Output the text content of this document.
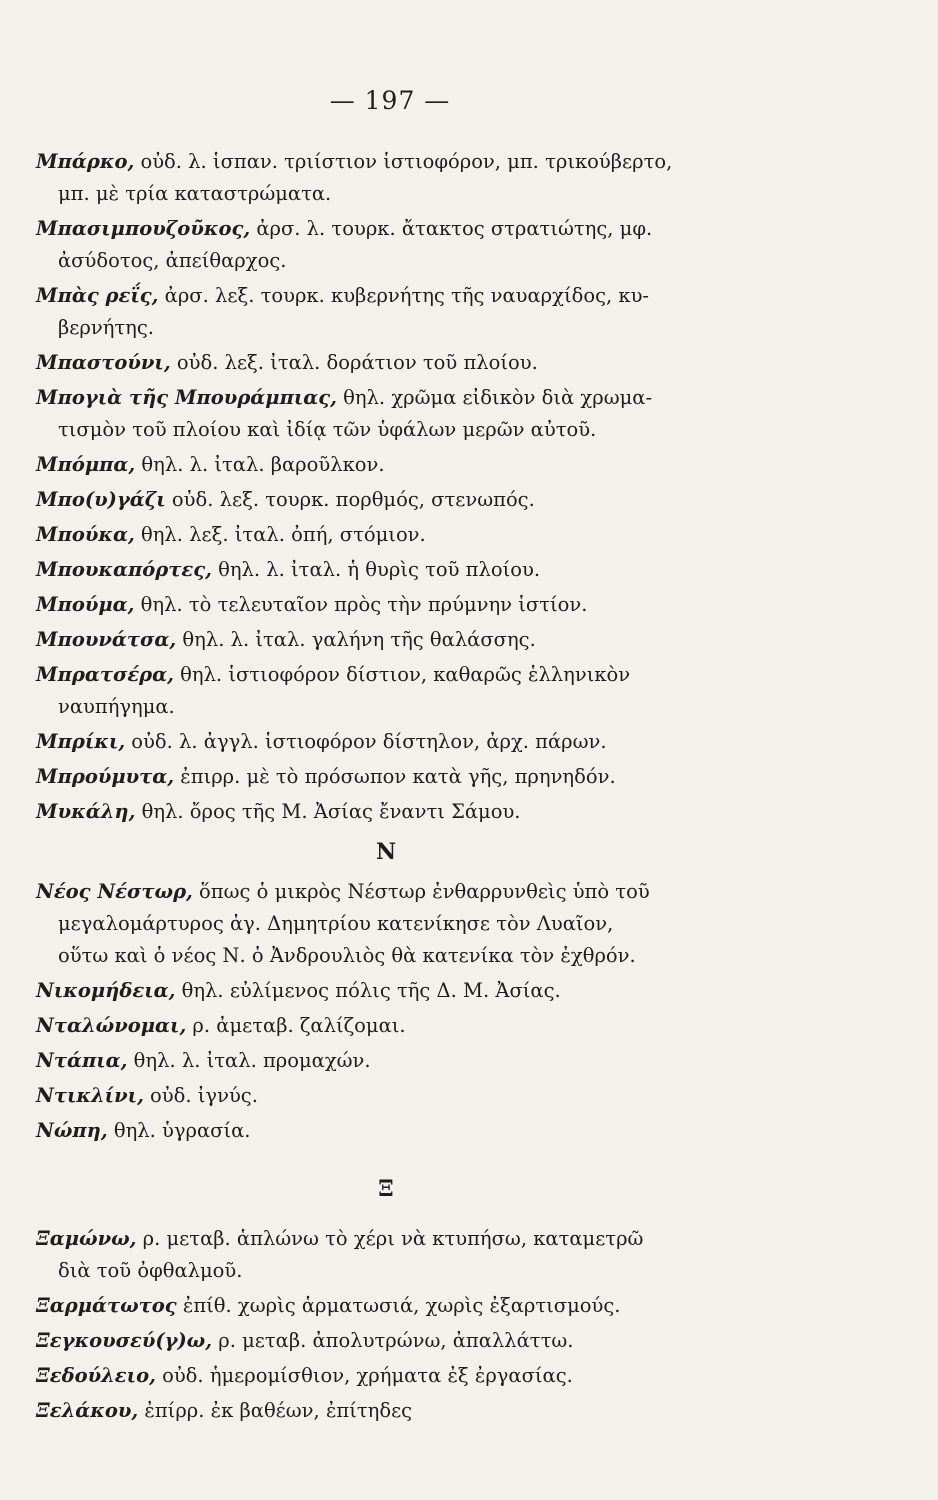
— 197 —
Μπάρκο, οὐδ. λ. ἱσπαν. τριίστιον ἱστιοφόρον, μπ. τρικούβερτο,
μπ. μὲ τρία καταστρώματα.
Μπασιμπουζοῦκος, ἀρσ. λ. τουρκ. ἄτακτος στρατιώτης, μφ.
ἀσύδοτος, ἀπείθαρχος.
Μπὰς ρεΐς, ἀρσ. λεξ. τουρκ. κυβερνήτης τῆς ναυαρχίδος, κυ-
βερνήτης.
Μπαστούνι, οὐδ. λεξ. ἰταλ. δοράτιον τοῦ πλοίου.
Μπογιὰ τῆς Μπουράμπιας, θηλ. χρῶμα εἰδικὸν διὰ χρωμα-
τισμὸν τοῦ πλοίου καὶ ἰδίᾳ τῶν ὑφάλων μερῶν αὐτοῦ.
Μπόμπα, θηλ. λ. ἰταλ. βαροῦλκον.
Μπο(υ)γάζι οὐδ. λεξ. τουρκ. πορθμός, στενωπός.
Μπούκα, θηλ. λεξ. ἰταλ. ὀπή, στόμιον.
Μπουκαπόρτες, θηλ. λ. ἰταλ. ἡ θυρὶς τοῦ πλοίου.
Μπούμα, θηλ. τὸ τελευταῖον πρὸς τὴν πρύμνην ἱστίον.
Μπουνάτσα, θηλ. λ. ἰταλ. γαλήνη τῆς θαλάσσης.
Μπρατσέρα, θηλ. ἱστιοφόρον δίστιον, καθαρῶς ἑλληνικὸν
ναυπήγημα.
Μπρίκι, οὐδ. λ. ἀγγλ. ἱστιοφόρον δίστηλον, ἀρχ. πάρων.
Μπρούμυτα, ἐπιρρ. μὲ τὸ πρόσωπον κατὰ γῆς, πρηνηδόν.
Μυκάλη, θηλ. ὄρος τῆς Μ. Ἀσίας ἔναντι Σάμου.
Ν
Νέος Νέστωρ, ὅπως ὁ μικρὸς Νέστωρ ἐνθαρρυνθεὶς ὑπὸ τοῦ
μεγαλομάρτυρος ἁγ. Δημητρίου κατενίκησε τὸν Λυαῖον,
οὕτω καὶ ὁ νέος Ν. ὁ Ἀνδρουλιὸς θὰ κατενίκα τὸν ἐχθρόν.
Νικομήδεια, θηλ. εὐλίμενος πόλις τῆς Δ. Μ. Ἀσίας.
Νταλώνομαι, ρ. ἀμεταβ. ζαλίζομαι.
Ντάπια, θηλ. λ. ἰταλ. προμαχών.
Ντικλίνι, οὐδ. ἰγνύς.
Νώπη, θηλ. ὑγρασία.
Ξ
Ξαμώνω, ρ. μεταβ. ἁπλώνω τὸ χέρι νὰ κτυπήσω, καταμετρῶ
διὰ τοῦ ὀφθαλμοῦ.
Ξαρμάτωτος ἐπίθ. χωρὶς ἁρματωσιά, χωρὶς ἐξαρτισμούς.
Ξεγκουσεύ(γ)ω, ρ. μεταβ. ἀπολυτρώνω, ἀπαλλάττω.
Ξεδούλειο, οὐδ. ἡμερομίσθιον, χρήματα ἐξ ἐργασίας.
Ξελάκου, ἐπίρρ. ἐκ βαθέων, ἐπίτηδες
